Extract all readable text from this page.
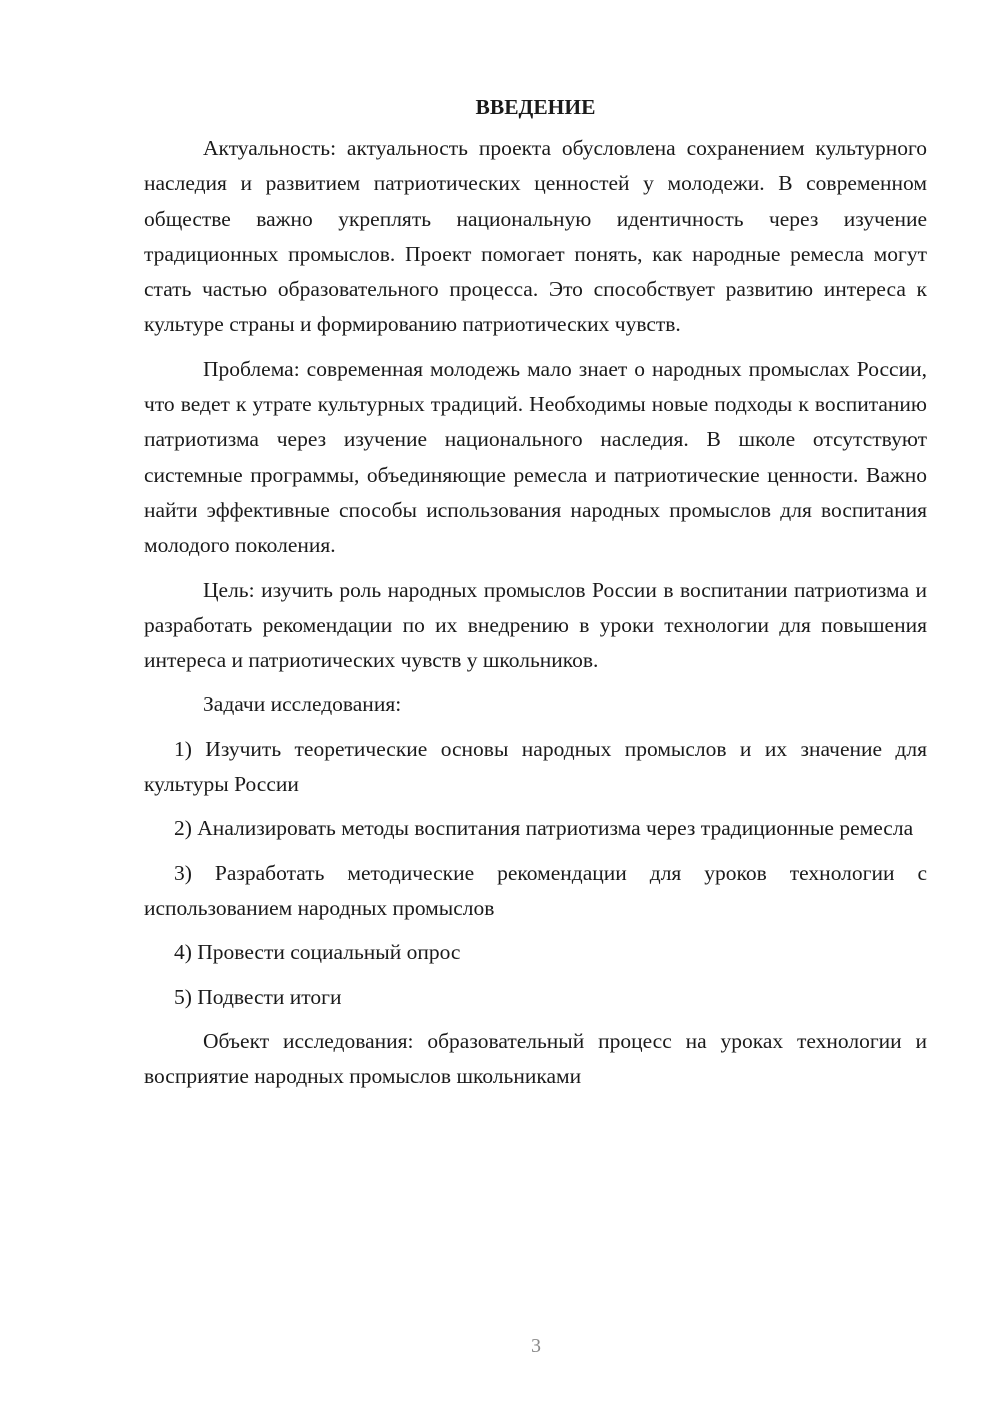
ВВЕДЕНИЕ

Актуальность: актуальность проекта обусловлена сохранением культурного наследия и развитием патриотических ценностей у молодежи. В современном обществе важно укреплять национальную идентичность через изучение традиционных промыслов. Проект помогает понять, как народные ремесла могут стать частью образовательного процесса. Это способствует развитию интереса к культуре страны и формированию патриотических чувств.

Проблема: современная молодежь мало знает о народных промыслах России, что ведет к утрате культурных традиций. Необходимы новые подходы к воспитанию патриотизма через изучение национального наследия. В школе отсутствуют системные программы, объединяющие ремесла и патриотические ценности. Важно найти эффективные способы использования народных промыслов для воспитания молодого поколения.

Цель: изучить роль народных промыслов России в воспитании патриотизма и разработать рекомендации по их внедрению в уроки технологии для повышения интереса и патриотических чувств у школьников.

Задачи исследования:

1) Изучить теоретические основы народных промыслов и их значение для культуры России

2) Анализировать методы воспитания патриотизма через традиционные ремесла

3) Разработать методические рекомендации для уроков технологии с использованием народных промыслов

4) Провести социальный опрос

5) Подвести итоги

Объект исследования: образовательный процесс на уроках технологии и восприятие народных промыслов школьниками

3
